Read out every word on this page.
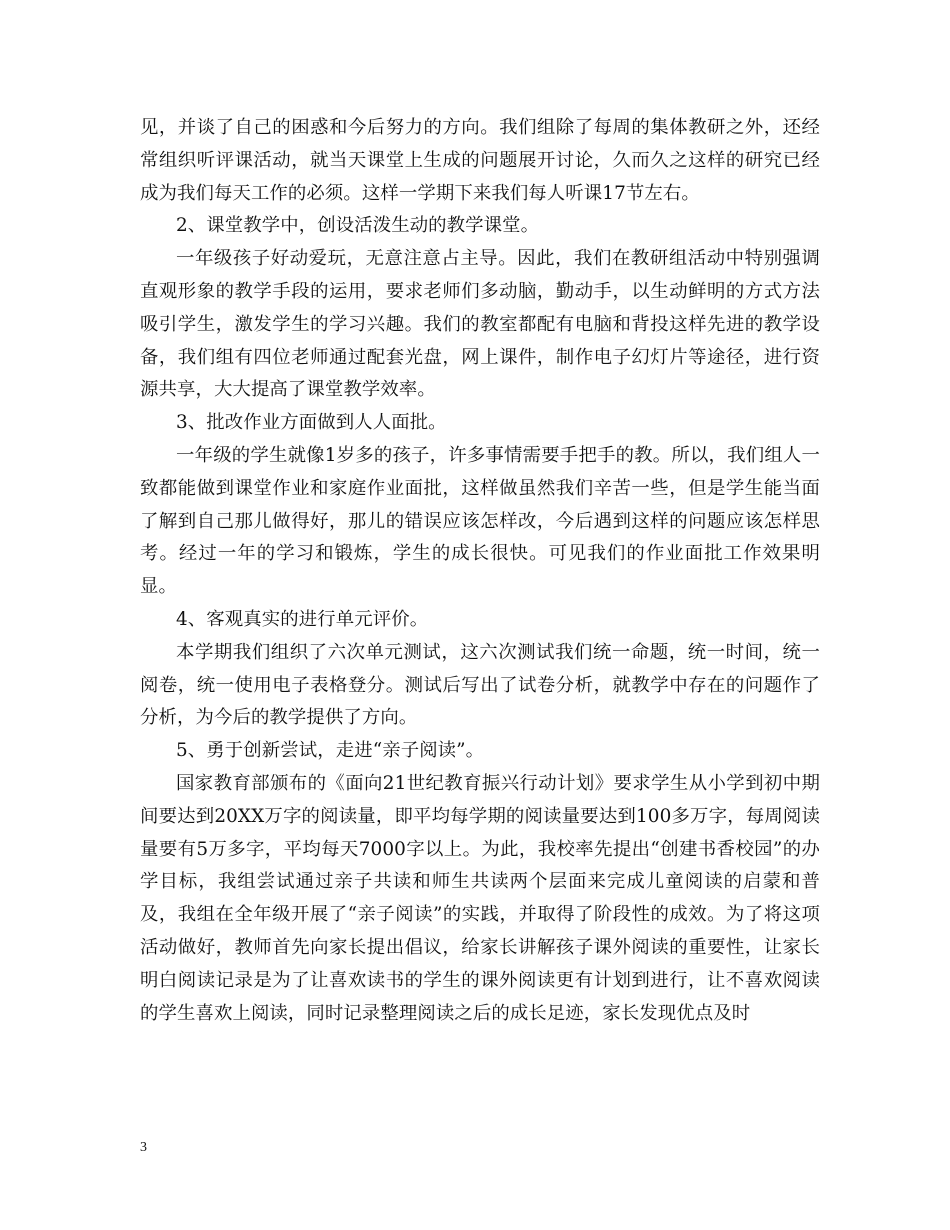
见，并谈了自己的困惑和今后努力的方向。我们组除了每周的集体教研之外，还经常组织听评课活动，就当天课堂上生成的问题展开讨论，久而久之这样的研究已经成为我们每天工作的必须。这样一学期下来我们每人听课17节左右。

2、课堂教学中，创设活泼生动的教学课堂。

一年级孩子好动爱玩，无意注意占主导。因此，我们在教研组活动中特别强调直观形象的教学手段的运用，要求老师们多动脑，勤动手，以生动鲜明的方式方法吸引学生，激发学生的学习兴趣。我们的教室都配有电脑和背投这样先进的教学设备，我们组有四位老师通过配套光盘，网上课件，制作电子幻灯片等途径，进行资源共享，大大提高了课堂教学效率。

3、批改作业方面做到人人面批。

一年级的学生就像1岁多的孩子，许多事情需要手把手的教。所以，我们组人一致都能做到课堂作业和家庭作业面批，这样做虽然我们辛苦一些，但是学生能当面了解到自己那儿做得好，那儿的错误应该怎样改，今后遇到这样的问题应该怎样思考。经过一年的学习和锻炼，学生的成长很快。可见我们的作业面批工作效果明显。

4、客观真实的进行单元评价。

本学期我们组织了六次单元测试，这六次测试我们统一命题，统一时间，统一阅卷，统一使用电子表格登分。测试后写出了试卷分析，就教学中存在的问题作了分析，为今后的教学提供了方向。

5、勇于创新尝试，走进“亲子阅读”。

国家教育部颁布的《面向21世纪教育振兴行动计划》要求学生从小学到初中期间要达到20XX万字的阅读量，即平均每学期的阅读量要达到100多万字，每周阅读量要有5万多字，平均每天7000字以上。为此，我校率先提出“创建书香校园”的办学目标，我组尝试通过亲子共读和师生共读两个层面来完成儿童阅读的启蒙和普及，我组在全年级开展了“亲子阅读”的实践，并取得了阶段性的成效。为了将这项活动做好，教师首先向家长提出倡议，给家长讲解孩子课外阅读的重要性，让家长明白阅读记录是为了让喜欢读书的学生的课外阅读更有计划到进行，让不喜欢阅读的学生喜欢上阅读，同时记录整理阅读之后的成长足迹，家长发现优点及时

3
